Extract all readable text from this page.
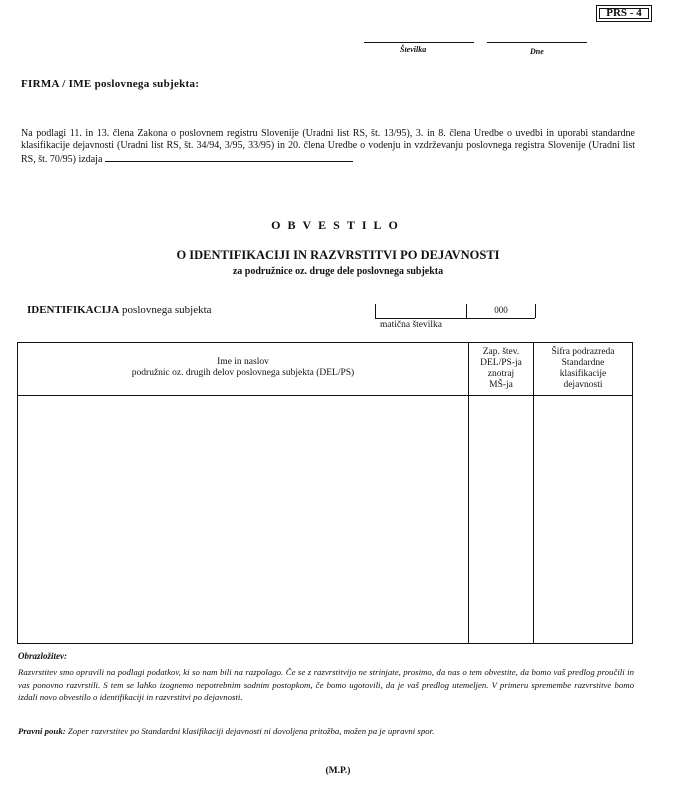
PRS - 4
Številka	Dne
FIRMA / IME poslovnega subjekta:
Na podlagi 11. in 13. člena Zakona o poslovnem registru Slovenije (Uradni list RS, št. 13/95), 3. in 8. člena Uredbe o uvedbi in uporabi standardne klasifikacije dejavnosti (Uradni list RS, št. 34/94, 3/95, 33/95) in 20. člena Uredbe o vodenju in vzdrževanju poslovnega registra Slovenije (Uradni list RS, št. 70/95) izdaja
OBVESTILO
O IDENTIFIKACIJI IN RAZVRSTITVI PO DEJAVNOSTI
za podružnice oz. druge dele poslovnega subjekta
IDENTIFIKACIJA poslovnega subjekta	000
matična številka
Ime in naslov
podružnic oz. drugih delov poslovnega subjekta (DEL/PS)
Zap. štev.
DEL/PS-ja
znotraj
MŠ-ja
Šifra podrazreda
Standardne
klasifikacije
dejavnosti
Obrazložitev:
Razvrstitev smo opravili na podlagi podatkov, ki so nam bili na razpolago. Če se z razvrstitvijo ne strinjate, prosimo, da nas o tem obvestite, da bomo vaš predlog proučili in vas ponovno razvrstili. S tem se lahko izognemo nepotrebnim sodnim postopkom, če bomo ugotovili, da je vaš predlog utemeljen. V primeru spremembe razvrstitve bomo izdali novo obvestilo o identifikaciji in razvrstitvi po dejavnosti.
Pravni pouk: Zoper razvrstitev po Standardni klasifikaciji dejavnosti ni dovoljena pritožba, možen pa je upravni spor.
(M.P.)
